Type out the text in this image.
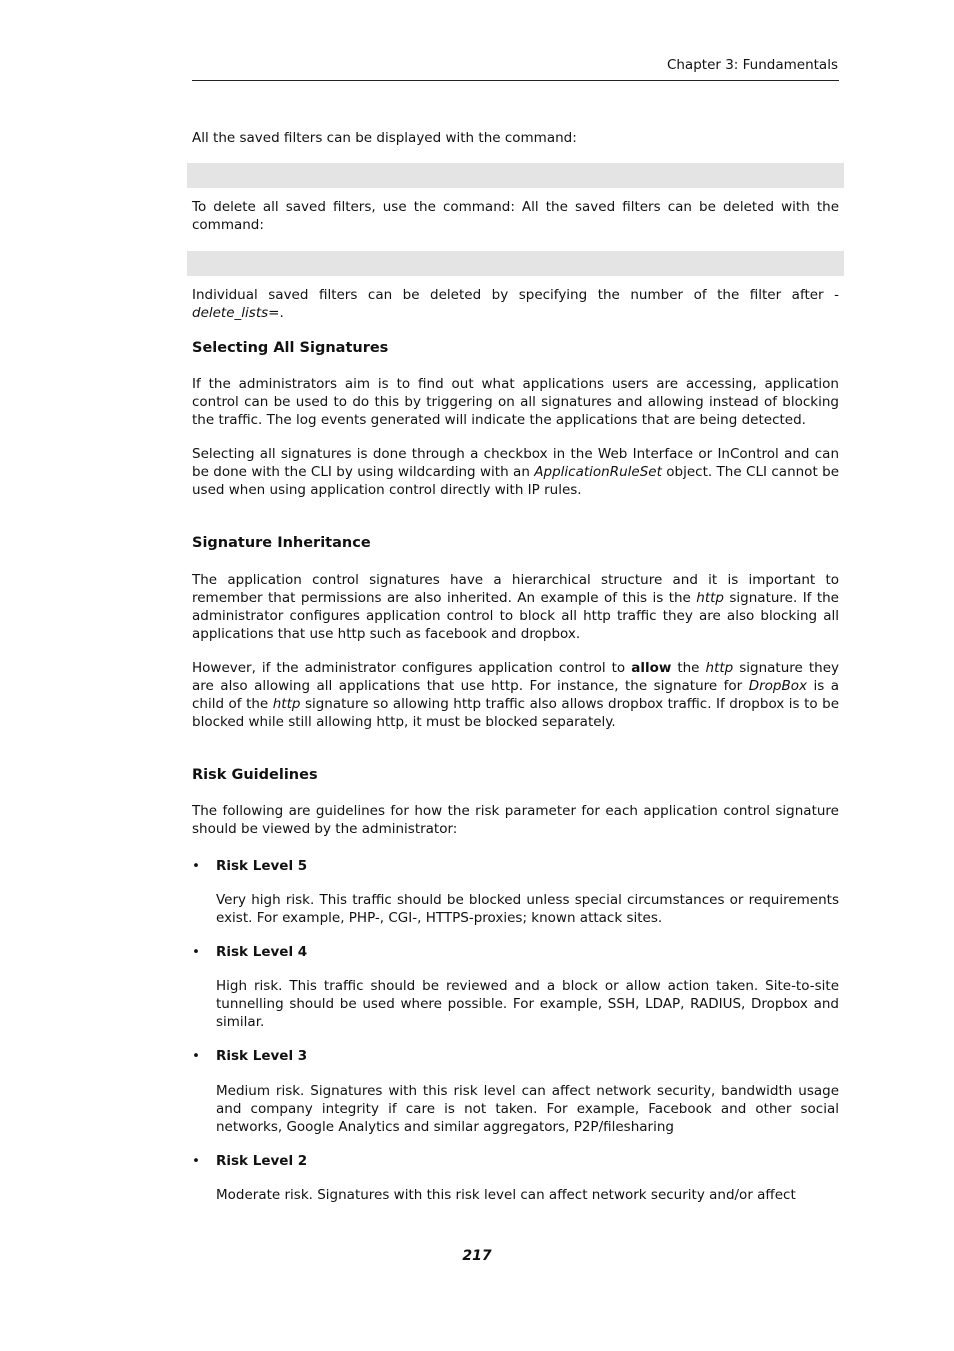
Chapter 3: Fundamentals

All the saved filters can be displayed with the command:

To delete all saved filters, use the command: All the saved filters can be deleted with the command:

Individual saved filters can be deleted by specifying the number of the filter after -delete_lists=.

Selecting All Signatures

If the administrators aim is to find out what applications users are accessing, application control can be used to do this by triggering on all signatures and allowing instead of blocking the traffic. The log events generated will indicate the applications that are being detected.

Selecting all signatures is done through a checkbox in the Web Interface or InControl and can be done with the CLI by using wildcarding with an ApplicationRuleSet object. The CLI cannot be used when using application control directly with IP rules.

Signature Inheritance

The application control signatures have a hierarchical structure and it is important to remember that permissions are also inherited. An example of this is the http signature. If the administrator configures application control to block all http traffic they are also blocking all applications that use http such as facebook and dropbox.

However, if the administrator configures application control to allow the http signature they are also allowing all applications that use http. For instance, the signature for DropBox is a child of the http signature so allowing http traffic also allows dropbox traffic. If dropbox is to be blocked while still allowing http, it must be blocked separately.

Risk Guidelines

The following are guidelines for how the risk parameter for each application control signature should be viewed by the administrator:

• Risk Level 5

Very high risk. This traffic should be blocked unless special circumstances or requirements exist. For example, PHP-, CGI-, HTTPS-proxies; known attack sites.

• Risk Level 4

High risk. This traffic should be reviewed and a block or allow action taken. Site-to-site tunnelling should be used where possible. For example, SSH, LDAP, RADIUS, Dropbox and similar.

• Risk Level 3

Medium risk. Signatures with this risk level can affect network security, bandwidth usage and company integrity if care is not taken. For example, Facebook and other social networks, Google Analytics and similar aggregators, P2P/filesharing

• Risk Level 2

Moderate risk. Signatures with this risk level can affect network security and/or affect

217
